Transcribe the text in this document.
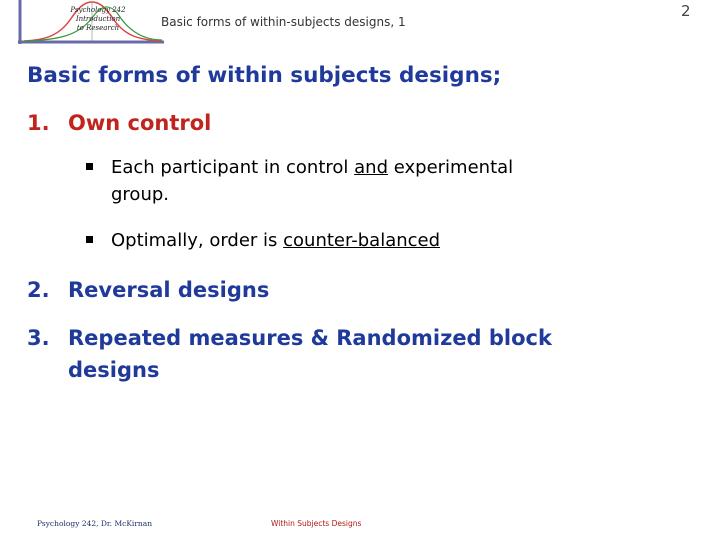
Psychology 242
Introduction
to Research	Basic forms of within-subjects designs, 1
2
Basic forms of within subjects designs;
1. Own control
Each participant in control and experimental
group.
Optimally, order is counter-balanced
2. Reversal designs
3. Repeated measures & Randomized block
designs
Psychology 242, Dr. McKirnan	Within Subjects Designs
